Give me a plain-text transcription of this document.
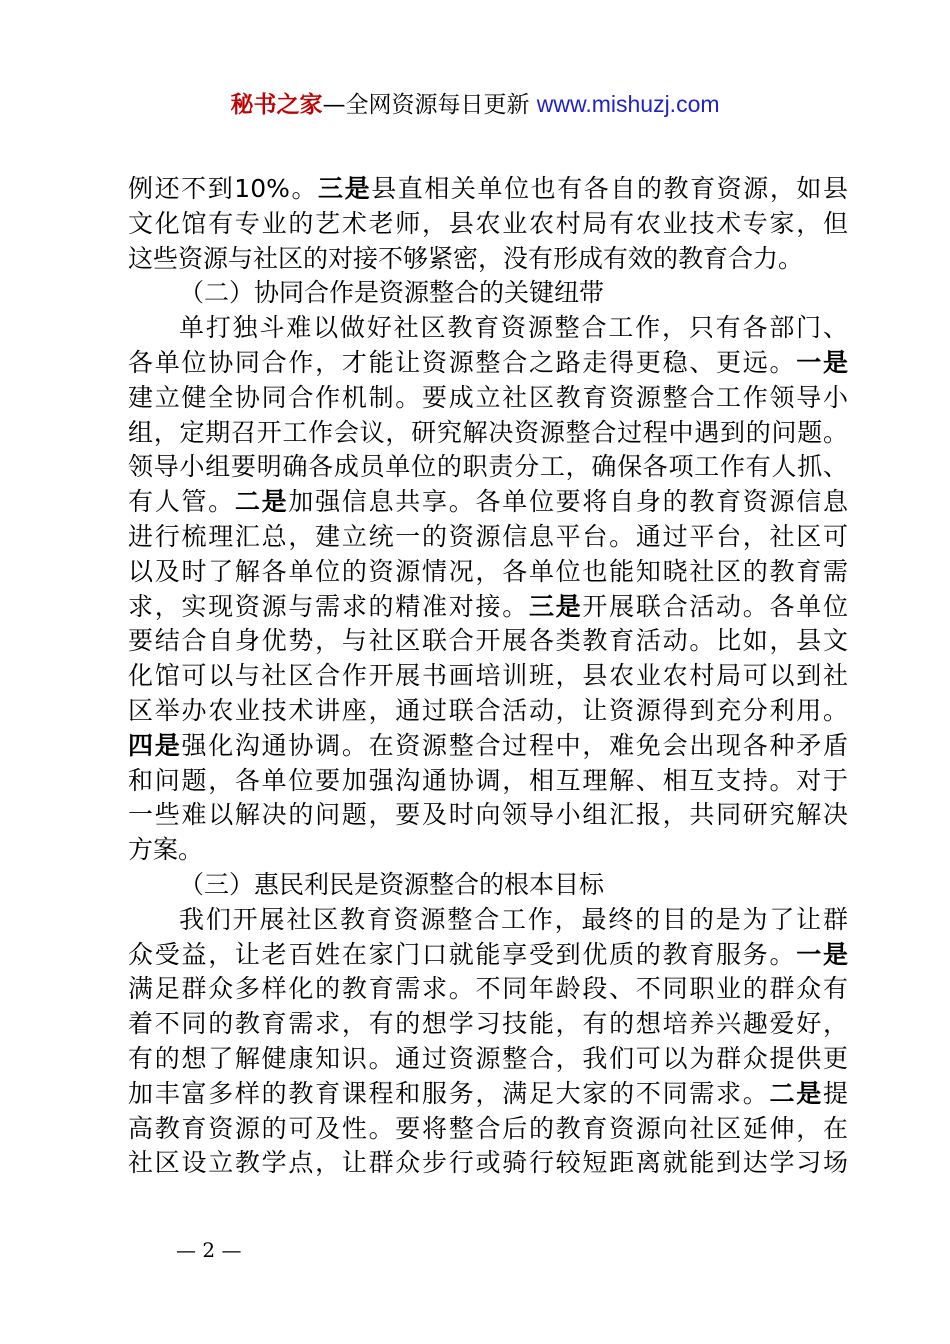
秘书之家—全网资源每日更新 www.mishuzj.com
例还不到10%。三是县直相关单位也有各自的教育资源，如县
文化馆有专业的艺术老师，县农业农村局有农业技术专家，但
这些资源与社区的对接不够紧密，没有形成有效的教育合力。
（二）协同合作是资源整合的关键纽带
单打独斗难以做好社区教育资源整合工作，只有各部门、
各单位协同合作，才能让资源整合之路走得更稳、更远。一是
建立健全协同合作机制。要成立社区教育资源整合工作领导小
组，定期召开工作会议，研究解决资源整合过程中遇到的问题。
领导小组要明确各成员单位的职责分工，确保各项工作有人抓、
有人管。二是加强信息共享。各单位要将自身的教育资源信息
进行梳理汇总，建立统一的资源信息平台。通过平台，社区可
以及时了解各单位的资源情况，各单位也能知晓社区的教育需
求，实现资源与需求的精准对接。三是开展联合活动。各单位
要结合自身优势，与社区联合开展各类教育活动。比如，县文
化馆可以与社区合作开展书画培训班，县农业农村局可以到社
区举办农业技术讲座，通过联合活动，让资源得到充分利用。
四是强化沟通协调。在资源整合过程中，难免会出现各种矛盾
和问题，各单位要加强沟通协调，相互理解、相互支持。对于
一些难以解决的问题，要及时向领导小组汇报，共同研究解决
方案。
（三）惠民利民是资源整合的根本目标
我们开展社区教育资源整合工作，最终的目的是为了让群
众受益，让老百姓在家门口就能享受到优质的教育服务。一是
满足群众多样化的教育需求。不同年龄段、不同职业的群众有
着不同的教育需求，有的想学习技能，有的想培养兴趣爱好，
有的想了解健康知识。通过资源整合，我们可以为群众提供更
加丰富多样的教育课程和服务，满足大家的不同需求。二是提
高教育资源的可及性。要将整合后的教育资源向社区延伸，在
社区设立教学点，让群众步行或骑行较短距离就能到达学习场
— 2 —
